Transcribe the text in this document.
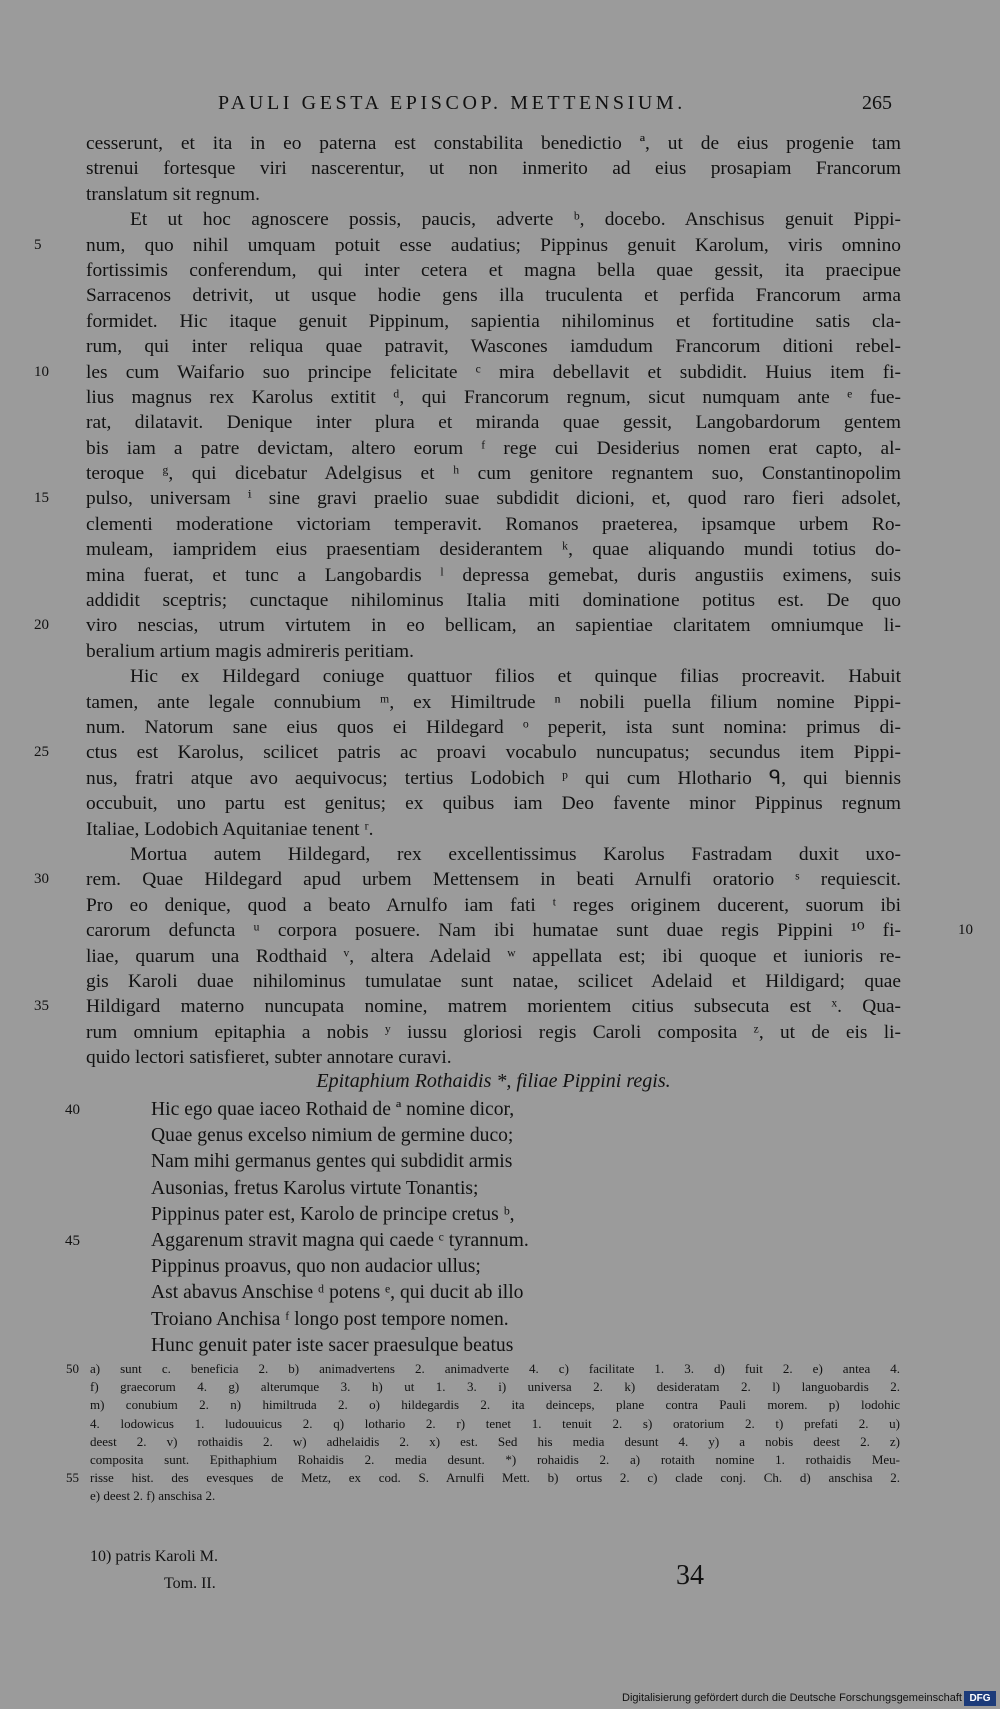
PAULI GESTA EPISCOP. METTENSIUM.	265
cesserunt, et ita in eo paterna est constabilita benedictio ª, ut de eius progenie tam
strenui fortesque viri nascerentur, ut non inmerito ad eius prosapiam Francorum
translatum sit regnum.
Et ut hoc agnoscere possis, paucis, adverte ᵇ, docebo. Anschisus genuit Pippi-
num, quo nihil umquam potuit esse audatius; Pippinus genuit Karolum, viris omnino
5
fortissimis conferendum, qui inter cetera et magna bella quae gessit, ita praecipue
Sarracenos detrivit, ut usque hodie gens illa truculenta et perfida Francorum arma
formidet. Hic itaque genuit Pippinum, sapientia nihilominus et fortitudine satis cla-
rum, qui inter reliqua quae patravit, Wascones iamdudum Francorum ditioni rebel-
les cum Waifario suo principe felicitate ᶜ mira debellavit et subdidit. Huius item fi-
10
lius magnus rex Karolus extitit ᵈ, qui Francorum regnum, sicut numquam ante ᵉ fue-
rat, dilatavit. Denique inter plura et miranda quae gessit, Langobardorum gentem
bis iam a patre devictam, altero eorum ᶠ rege cui Desiderius nomen erat capto, al-
teroque ᵍ, qui dicebatur Adelgisus et ʰ cum genitore regnantem suo, Constantinopolim
pulso, universam ⁱ sine gravi praelio suae subdidit dicioni, et, quod raro fieri adsolet,
15
clementi moderatione victoriam temperavit. Romanos praeterea, ipsamque urbem Ro-
muleam, iampridem eius praesentiam desiderantem ᵏ, quae aliquando mundi totius do-
mina fuerat, et tunc a Langobardis ˡ depressa gemebat, duris angustiis eximens, suis
addidit sceptris; cunctaque nihilominus Italia miti dominatione potitus est. De quo
viro nescias, utrum virtutem in eo bellicam, an sapientiae claritatem omniumque li-
20
beralium artium magis admireris peritiam.
Hic ex Hildegard coniuge quattuor filios et quinque filias procreavit. Habuit
tamen, ante legale connubium ᵐ, ex Himiltrude ⁿ nobili puella filium nomine Pippi-
num. Natorum sane eius quos ei Hildegard ᵒ peperit, ista sunt nomina: primus di-
ctus est Karolus, scilicet patris ac proavi vocabulo nuncupatus; secundus item Pippi-
25
nus, fratri atque avo aequivocus; tertius Lodobich ᵖ qui cum Hlothario ᑫ, qui biennis
occubuit, uno partu est genitus; ex quibus iam Deo favente minor Pippinus regnum
Italiae, Lodobich Aquitaniae tenent ʳ.
Mortua autem Hildegard, rex excellentissimus Karolus Fastradam duxit uxo-
rem. Quae Hildegard apud urbem Mettensem in beati Arnulfi oratorio ˢ requiescit.
30
Pro eo denique, quod a beato Arnulfo iam fati ᵗ reges originem ducerent, suorum ibi
carorum defuncta ᵘ corpora posuere. Nam ibi humatae sunt duae regis Pippini ¹⁰ fi-	10
liae, quarum una Rodthaid ᵛ, altera Adelaid ʷ appellata est; ibi quoque et iunioris re-
gis Karoli duae nihilominus tumulatae sunt natae, scilicet Adelaid et Hildigard; quae
Hildigard materno nuncupata nomine, matrem morientem citius subsecuta est ˣ. Qua-
35
rum omnium epitaphia a nobis ʸ iussu gloriosi regis Caroli composita ᶻ, ut de eis li-
quido lectori satisfieret, subter annotare curavi.
Epitaphium Rothaidis *, filiae Pippini regis.
Hic ego quae iaceo Rothaid de ª nomine dicor,
40
Quae genus excelso nimium de germine duco;
Nam mihi germanus gentes qui subdidit armis
Ausonias, fretus Karolus virtute Tonantis;
Pippinus pater est, Karolo de principe cretus ᵇ,
Aggarenum stravit magna qui caede ᶜ tyrannum.
45
Pippinus proavus, quo non audacior ullus;
Ast abavus Anschise ᵈ potens ᵉ, qui ducit ab illo
Troiano Anchisa ᶠ longo post tempore nomen.
Hunc genuit pater iste sacer praesulque beatus
a) sunt c. beneficia 2. b) animadvertens 2. animadverte 4. c) facilitate 1. 3. d) fuit 2. e) antea 4.
50
f) graecorum 4. g) alterumque 3. h) ut 1. 3. i) universa 2. k) desideratam 2. l) languobardis 2.
m) conubium 2. n) himiltruda 2. o) hildegardis 2. ita deinceps, plane contra Pauli morem. p) lodohic
4. lodowicus 1. ludouuicus 2. q) lothario 2. r) tenet 1. tenuit 2. s) oratorium 2. t) prefati 2. u)
deest 2. v) rothaidis 2. w) adhelaidis 2. x) est. Sed his media desunt 4. y) a nobis deest 2. z)
composita sunt. Epithaphium Rohaidis 2. media desunt. *) rohaidis 2. a) rotaith nomine 1. rothaidis Meu-
risse hist. des evesques de Metz, ex cod. S. Arnulfi Mett. b) ortus 2. c) clade conj. Ch. d) anschisa 2.
55
e) deest 2. f) anschisa 2.
10) patris Karoli M.
Tom. II.	34
Digitalisierung gefördert durch die Deutsche Forschungsgemeinschaft DFG
